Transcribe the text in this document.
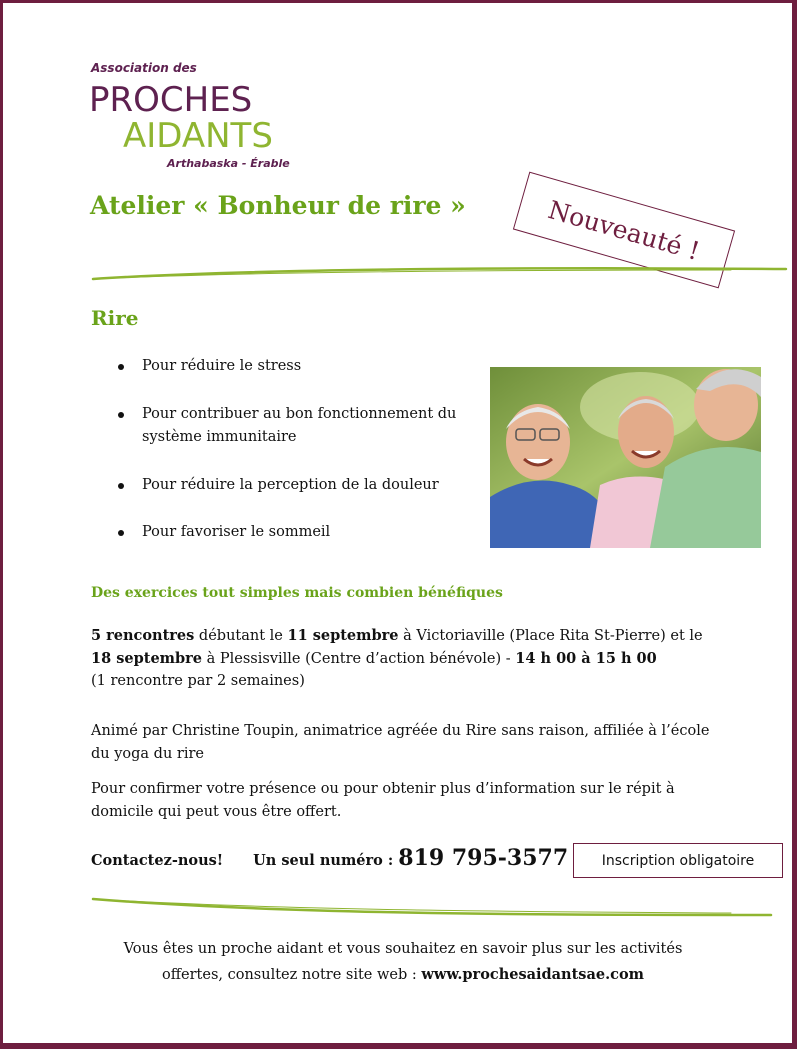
Association des
PROCHES
AIDANTS
Arthabaska - Érable
Atelier « Bonheur de rire »	Nouveauté !
Rire
Pour réduire le stress
Pour contribuer au bon fonctionnement du système immunitaire
Pour réduire la perception de la douleur
Pour favoriser le sommeil
Des exercices tout simples mais combien bénéfiques

5 rencontres débutant le 11 septembre à Victoriaville (Place Rita St-Pierre) et le 18 septembre à Plessisville (Centre d’action bénévole) - 14 h 00 à 15 h 00
(1 rencontre par 2 semaines)

Animé par Christine Toupin, animatrice agréée du Rire sans raison, affiliée à l’école du yoga du rire

Pour confirmer votre présence ou pour obtenir plus d’information sur le répit à domicile qui peut vous être offert.

Contactez-nous! Un seul numéro : 819 795-3577	Inscription obligatoire

Vous êtes un proche aidant et vous souhaitez en savoir plus sur les activités offertes, consultez notre site web : www.prochesaidantsae.com
